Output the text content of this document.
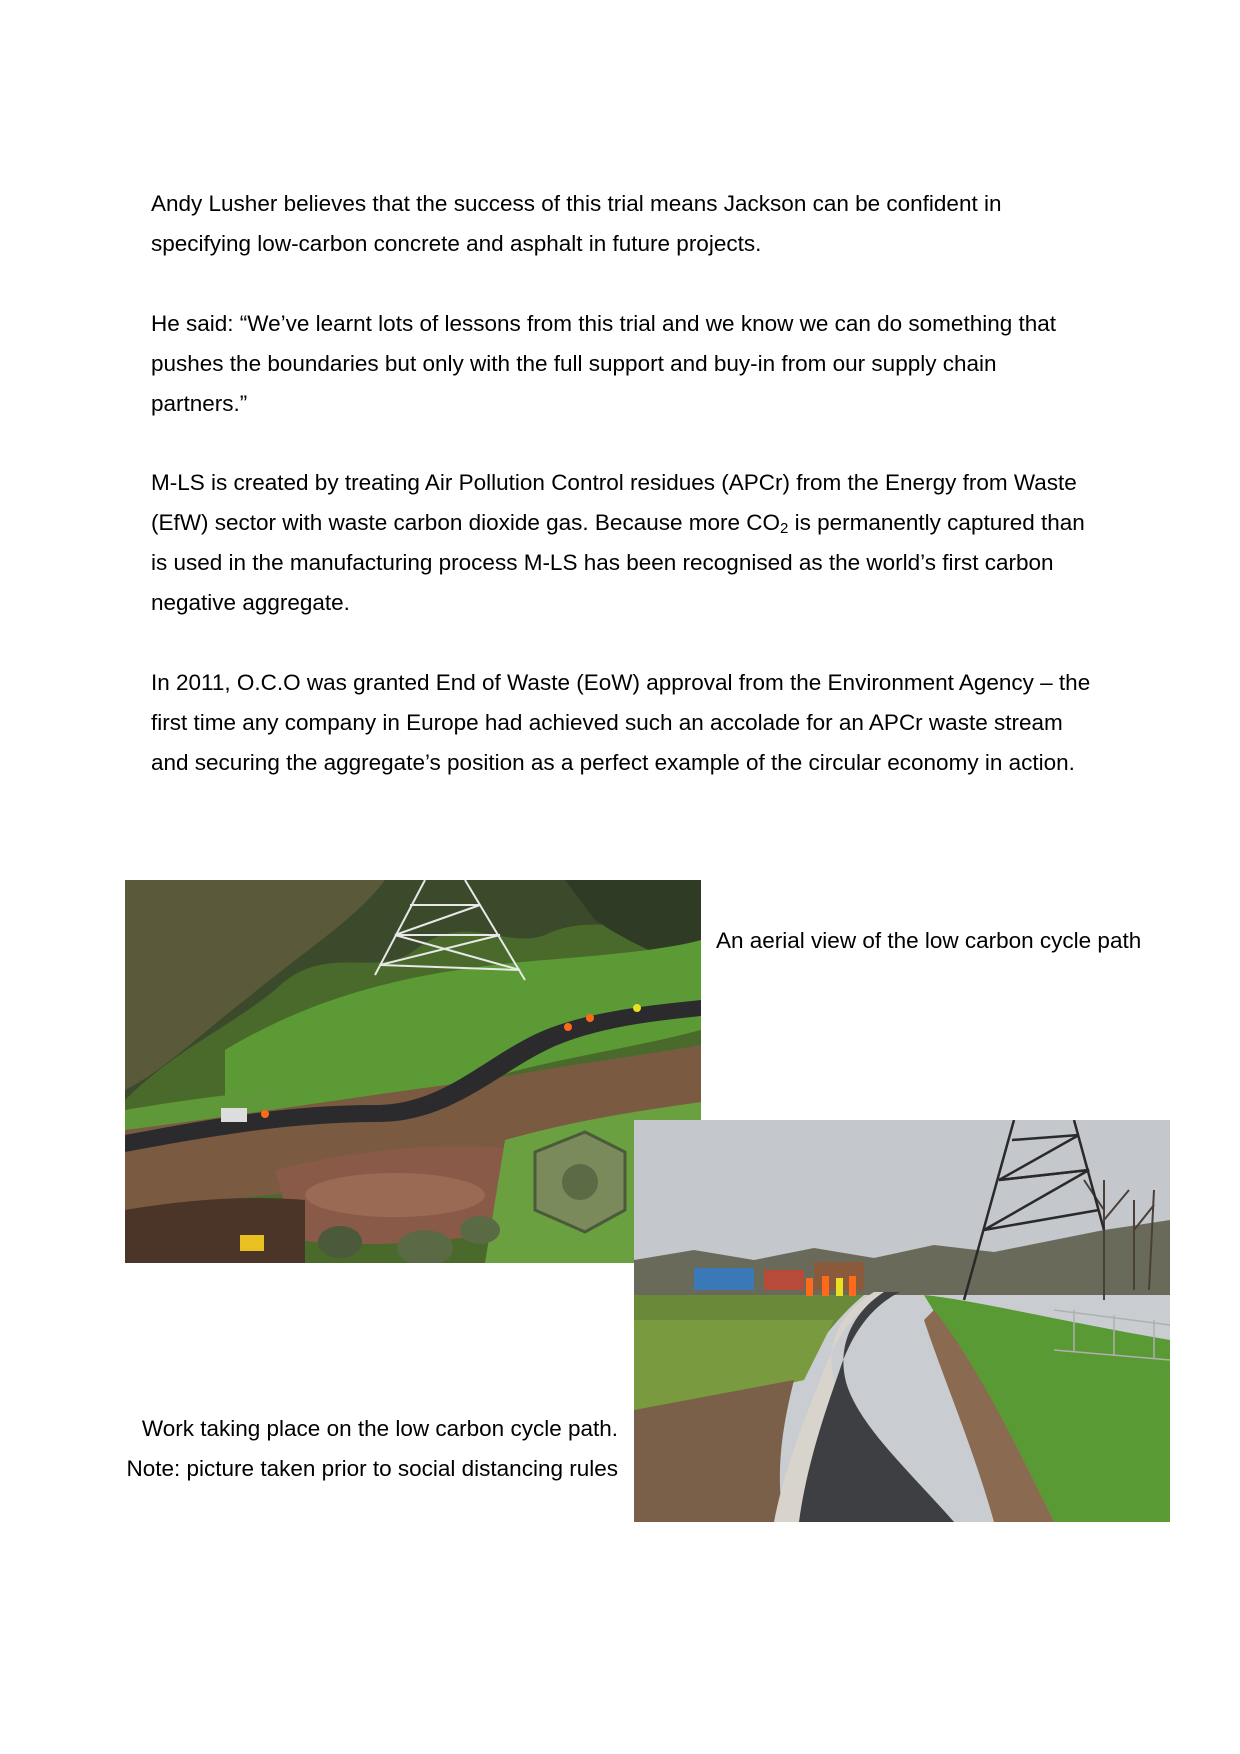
Andy Lusher believes that the success of this trial means Jackson can be confident in specifying low-carbon concrete and asphalt in future projects.

He said: “We’ve learnt lots of lessons from this trial and we know we can do something that pushes the boundaries but only with the full support and buy-in from our supply chain partners.”

M-LS is created by treating Air Pollution Control residues (APCr) from the Energy from Waste (EfW) sector with waste carbon dioxide gas. Because more $CO_2$ is permanently captured than is used in the manufacturing process M-LS has been recognised as the world’s first carbon negative aggregate.

In 2011, O.C.O was granted End of Waste (EoW) approval from the Environment Agency – the first time any company in Europe had achieved such an accolade for an APCr waste stream and securing the aggregate’s position as a perfect example of the circular economy in action.

An aerial view of the low carbon cycle path

Work taking place on the low carbon cycle path.
Note: picture taken prior to social distancing rules
